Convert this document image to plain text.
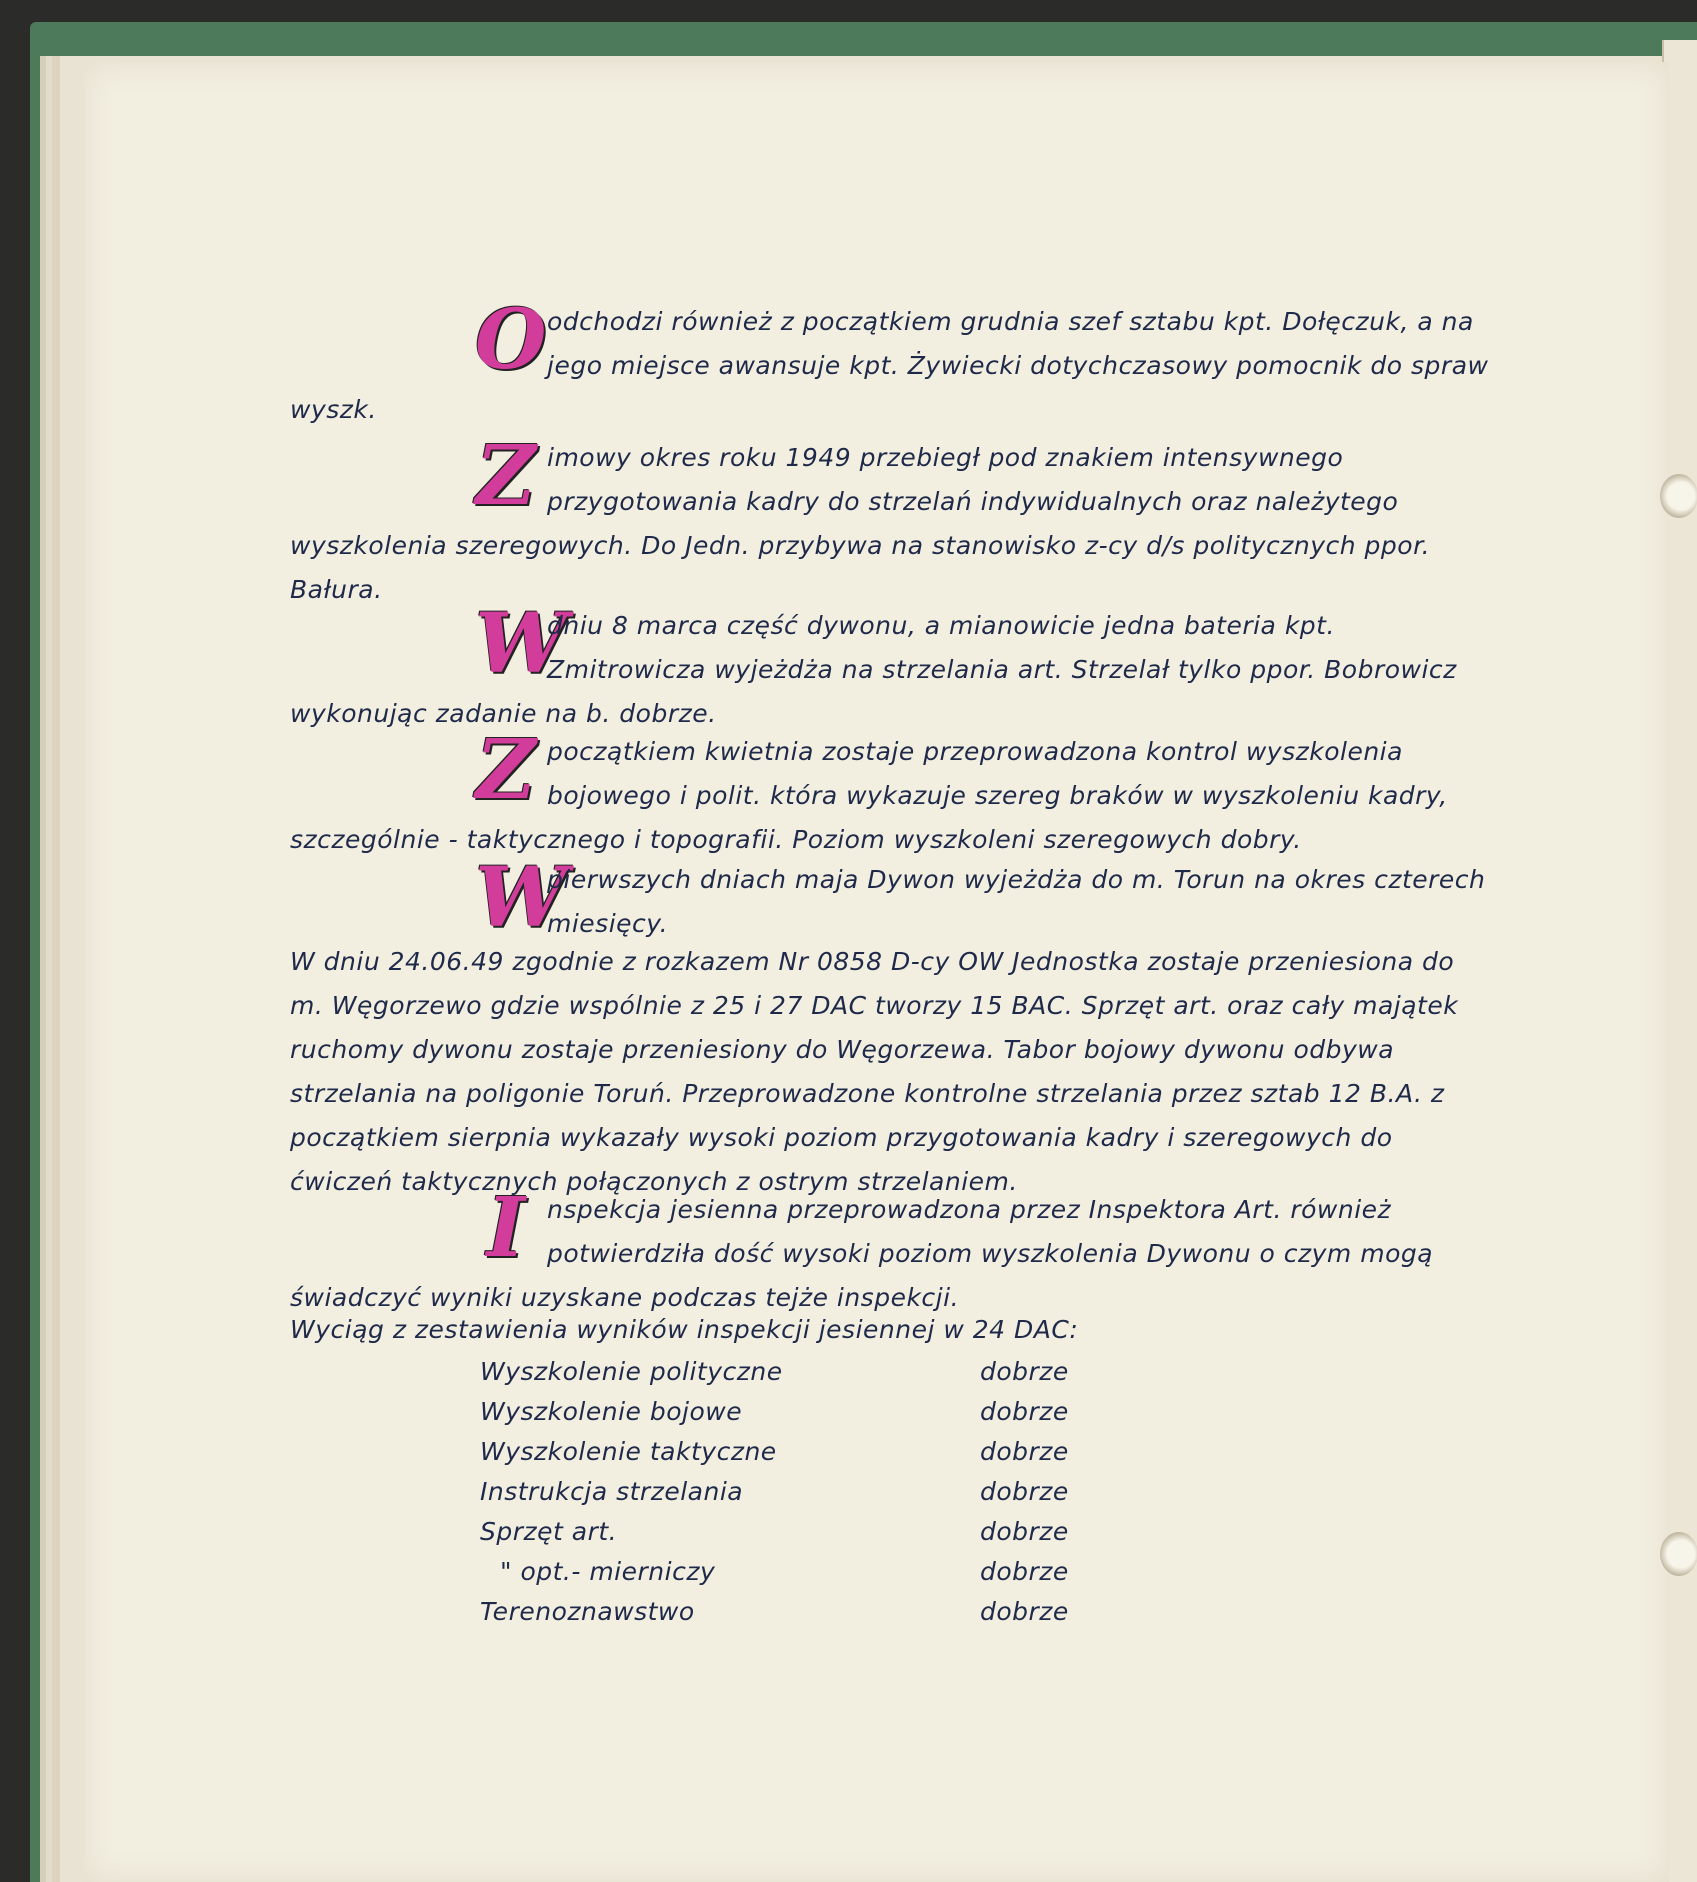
O odchodzi również z początkiem grudnia szef sztabu kpt. Dołęczuk, a na jego miejsce awansuje kpt. Żywiecki dotychczasowy pomocnik do spraw wyszk.

Z imowy okres roku 1949 przebiegł pod znakiem intensywnego przygotowania kadry do strzelań indywidualnych oraz należytego wyszkolenia szeregowych. Do Jedn. przybywa na stanowisko z-cy d/s politycznych ppor. Bałura.

W
dniu 8 marca część dywonu, a mianowicie jedna bateria kpt. Zmitrowicza wyjeżdża na strzelania art. Strzelał tylko ppor. Bobrowicz wykonując zadanie na b. dobrze.

Z początkiem kwietnia zostaje przeprowadzona kontrol wyszkolenia bojowego i polit. która wykazuje szereg braków w wyszkoleniu kadry, szczególnie - taktycznego i topografii. Poziom wyszkoleni szeregowych dobry.

W
pierwszych dniach maja Dywon wyjeżdża do m. Torun na okres czterech miesięcy.

W dniu 24.06.49 zgodnie z rozkazem Nr 0858 D-cy OW Jednostka zostaje przeniesiona do m. Węgorzewo gdzie wspólnie z 25 i 27 DAC tworzy 15 BAC. Sprzęt art. oraz cały majątek ruchomy dywonu zostaje przeniesiony do Węgorzewa. Tabor bojowy dywonu odbywa strzelania na poligonie Toruń. Przeprowadzone kontrolne strzelania przez sztab 12 B.A. z początkiem sierpnia wykazały wysoki poziom przygotowania kadry i szeregowych do ćwiczeń taktycznych połączonych z ostrym strzelaniem.

I nspekcja jesienna przeprowadzona przez Inspektora Art. również potwierdziła dość wysoki poziom wyszkolenia Dywonu o czym mogą świadczyć wyniki uzyskane podczas tejże inspekcji.

Wyciąg z zestawienia wyników inspekcji jesiennej w 24 DAC:

Wyszkolenie polityczne	dobrze
Wyszkolenie bojowe	dobrze
Wyszkolenie taktyczne	dobrze
Instrukcja strzelania	dobrze
Sprzęt art.	dobrze
" opt.- mierniczy	dobrze
Terenoznawstwo	dobrze
